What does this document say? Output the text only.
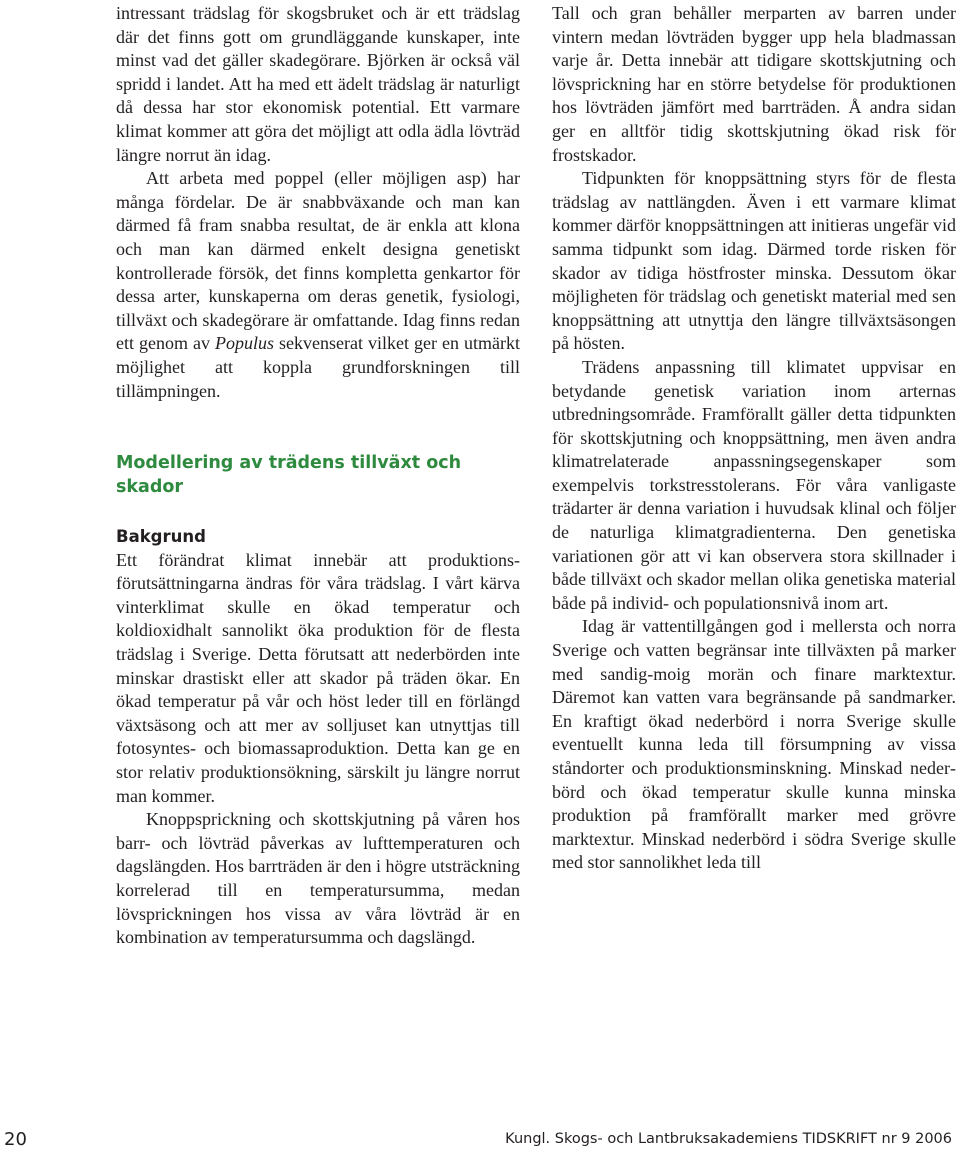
intressant trädslag för skogsbruket och är ett trädslag där det finns gott om grundläggande kunskaper, inte minst vad det gäller skadegörare. Björken är också väl spridd i landet. Att ha med ett ädelt trädslag är naturligt då dessa har stor ekonomisk potential. Ett varmare klimat kommer att göra det möjligt att odla ädla lövträd längre norrut än idag.

Att arbeta med poppel (eller möjligen asp) har många fördelar. De är snabbväxande och man kan därmed få fram snabba resultat, de är enkla att klona och man kan därmed enkelt designa genetiskt kontrollerade försök, det finns kompletta genkartor för dessa arter, kunskaperna om deras genetik, fysiologi, tillväxt och skadegörare är omfattande. Idag finns redan ett genom av Populus sekvenserat vilket ger en utmärkt möjlighet att koppla grundforskningen till tillämpningen.

Modellering av trädens tillväxt och skador
Bakgrund

Ett förändrat klimat innebär att produktionsförutsättningarna ändras för våra trädslag. I vårt kärva vinterklimat skulle en ökad temperatur och koldioxidhalt sannolikt öka produktion för de flesta trädslag i Sverige. Detta förutsatt att nederbörden inte minskar drastiskt eller att skador på träden ökar. En ökad temperatur på vår och höst leder till en förlängd växtsäsong och att mer av solljuset kan utnyttjas till fotosyntes- och biomassaproduktion. Detta kan ge en stor relativ produktionsökning, särskilt ju längre norrut man kommer.

Knoppsprickning och skottskjutning på våren hos barr- och lövträd påverkas av lufttemperaturen och dagslängden. Hos barrträden är den i högre utsträckning korrelerad till en temperatursumma, medan lövsprickningen hos vissa av våra lövträd är en kombination av temperatursumma och dagslängd.

Tall och gran behåller merparten av barren under vintern medan lövträden bygger upp hela bladmassan varje år. Detta innebär att tidigare skottskjutning och lövsprickning har en större betydelse för produktionen hos lövträden jämfört med barrträden. Å andra sidan ger en alltför tidig skottskjutning ökad risk för frostskador.

Tidpunkten för knoppsättning styrs för de flesta trädslag av nattlängden. Även i ett varmare klimat kommer därför knoppsättningen att initieras ungefär vid samma tidpunkt som idag. Därmed torde risken för skador av tidiga höstfroster minska. Dessutom ökar möjligheten för trädslag och genetiskt material med sen knoppsättning att utnyttja den längre tillväxtsäsongen på hösten.

Trädens anpassning till klimatet uppvisar en betydande genetisk variation inom arternas utbredningsområde. Framförallt gäller detta tidpunkten för skottskjutning och knoppsättning, men även andra klimatrelaterade anpassningsegenskaper som exempelvis torkstresstolerans. För våra vanligaste trädarter är denna variation i huvudsak klinal och följer de naturliga klimatgradienterna. Den genetiska variationen gör att vi kan observera stora skillnader i både tillväxt och skador mellan olika genetiska material både på individ- och populationsnivå inom art.

Idag är vattentillgången god i mellersta och norra Sverige och vatten begränsar inte tillväxten på marker med sandig-moig morän och finare marktextur. Däremot kan vatten vara begränsande på sandmarker. En kraftigt ökad nederbörd i norra Sverige skulle eventuellt kunna leda till försumpning av vissa ståndorter och produktionsminskning. Minskad nederbörd och ökad temperatur skulle kunna minska produktion på framförallt marker med grövre marktextur. Minskad nederbörd i södra Sverige skulle med stor sannolikhet leda till

20	Kungl. Skogs- och Lantbruksakademiens TIDSKRIFT nr 9 2006
